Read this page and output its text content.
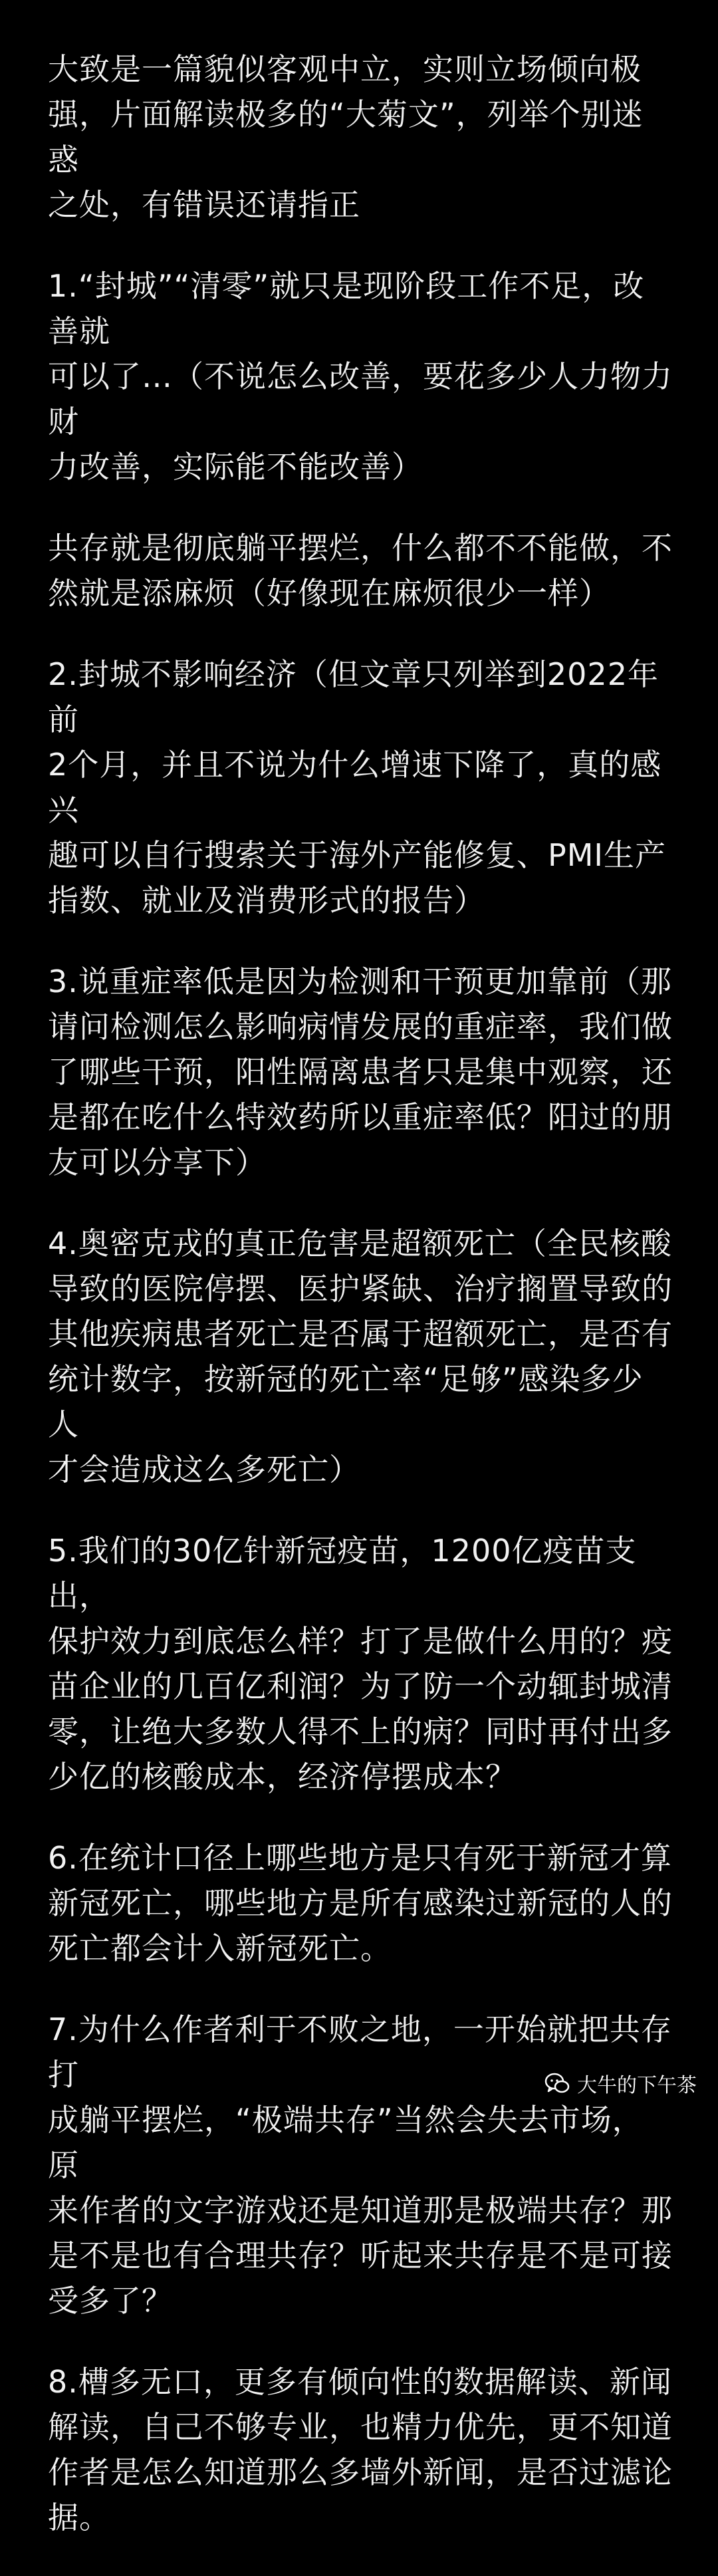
大致是一篇貌似客观中立，实则立场倾向极
强，片面解读极多的“大菊文”，列举个别迷惑
之处，有错误还请指正

1.“封城”“清零”就只是现阶段工作不足，改善就
可以了…（不说怎么改善，要花多少人力物力财
力改善，实际能不能改善）

共存就是彻底躺平摆烂，什么都不不能做，不
然就是添麻烦（好像现在麻烦很少一样）

2.封城不影响经济（但文章只列举到2022年前
2个月，并且不说为什么增速下降了，真的感兴
趣可以自行搜索关于海外产能修复、PMI生产
指数、就业及消费形式的报告）

3.说重症率低是因为检测和干预更加靠前（那
请问检测怎么影响病情发展的重症率，我们做
了哪些干预，阳性隔离患者只是集中观察，还
是都在吃什么特效药所以重症率低？阳过的朋
友可以分享下）

4.奥密克戎的真正危害是超额死亡（全民核酸
导致的医院停摆、医护紧缺、治疗搁置导致的
其他疾病患者死亡是否属于超额死亡，是否有
统计数字，按新冠的死亡率“足够”感染多少人
才会造成这么多死亡）

5.我们的30亿针新冠疫苗，1200亿疫苗支出，
保护效力到底怎么样？打了是做什么用的？疫
苗企业的几百亿利润？为了防一个动辄封城清
零，让绝大多数人得不上的病？同时再付出多
少亿的核酸成本，经济停摆成本？

6.在统计口径上哪些地方是只有死于新冠才算
新冠死亡，哪些地方是所有感染过新冠的人的
死亡都会计入新冠死亡。

7.为什么作者利于不败之地，一开始就把共存打
成躺平摆烂，“极端共存”当然会失去市场，原
来作者的文字游戏还是知道那是极端共存？那
是不是也有合理共存？听起来共存是不是可接
受多了？

8.槽多无口，更多有倾向性的数据解读、新闻
解读，自己不够专业，也精力优先，更不知道
作者是怎么知道那么多墙外新闻，是否过滤论
据。

大牛的下午茶
